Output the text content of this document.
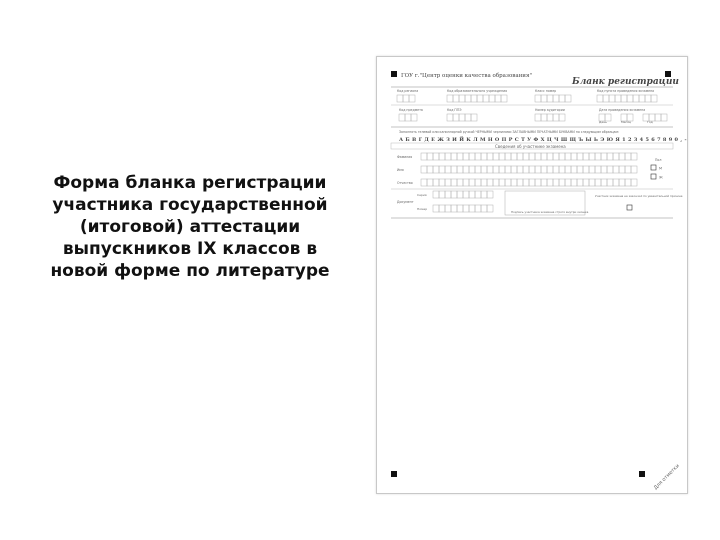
Форма бланка регистрации
участника государственной
(итоговой) аттестации
выпускников IX классов в
новой форме по литературе
ГОУ г."Центр оценки качества образования"
Бланк регистрации
Код региона	Код образовательного учреждения	Класс номер	Код пункта проведения экзамена
Код предмета	Код ППЭ	Номер аудитории	Дата проведения экзамена
День	Месяц	Год
Заполнять гелевой или капиллярной ручкой ЧЕРНЫМИ чернилами ЗАГЛАВНЫМИ ПЕЧАТНЫМИ БУКВАМИ по следующим образцам:
А Б В Г Д Е Ж З И Й К Л М Н О П Р С Т У Ф Х Ц Ч Ш Щ Ъ Ы Ь Э Ю Я 1 2 3 4 5 6 7 8 9 0 , -
Сведения об участнике экзамена
Фамилия
Имя
Отчество
Пол
М
Ж
Серия
Документ
Номер
Подпись участника экзамена строго внутри окошка
Участник экзамена не закончил по уважительной причине
Для отметки
